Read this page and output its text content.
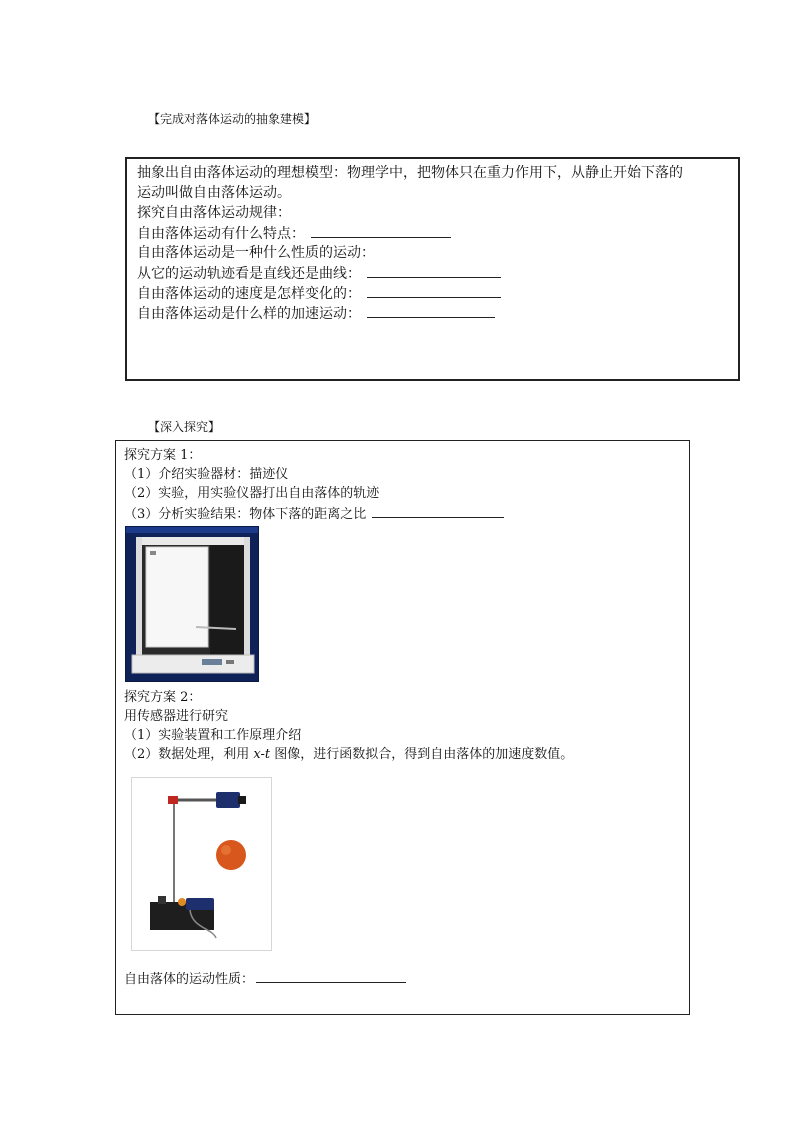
【完成对落体运动的抽象建模】
抽象出自由落体运动的理想模型：物理学中，把物体只在重力作用下，从静止开始下落的
运动叫做自由落体运动。
探究自由落体运动规律：
自由落体运动有什么特点：
自由落体运动是一种什么性质的运动：
从它的运动轨迹看是直线还是曲线：
自由落体运动的速度是怎样变化的：
自由落体运动是什么样的加速运动：
【深入探究】
探究方案 1：
（1）介绍实验器材：描迹仪
（2）实验，用实验仪器打出自由落体的轨迹
（3）分析实验结果：物体下落的距离之比
探究方案 2：
用传感器进行研究
（1）实验装置和工作原理介绍
（2）数据处理，利用 x-t 图像，进行函数拟合，得到自由落体的加速度数值。
自由落体的运动性质：
